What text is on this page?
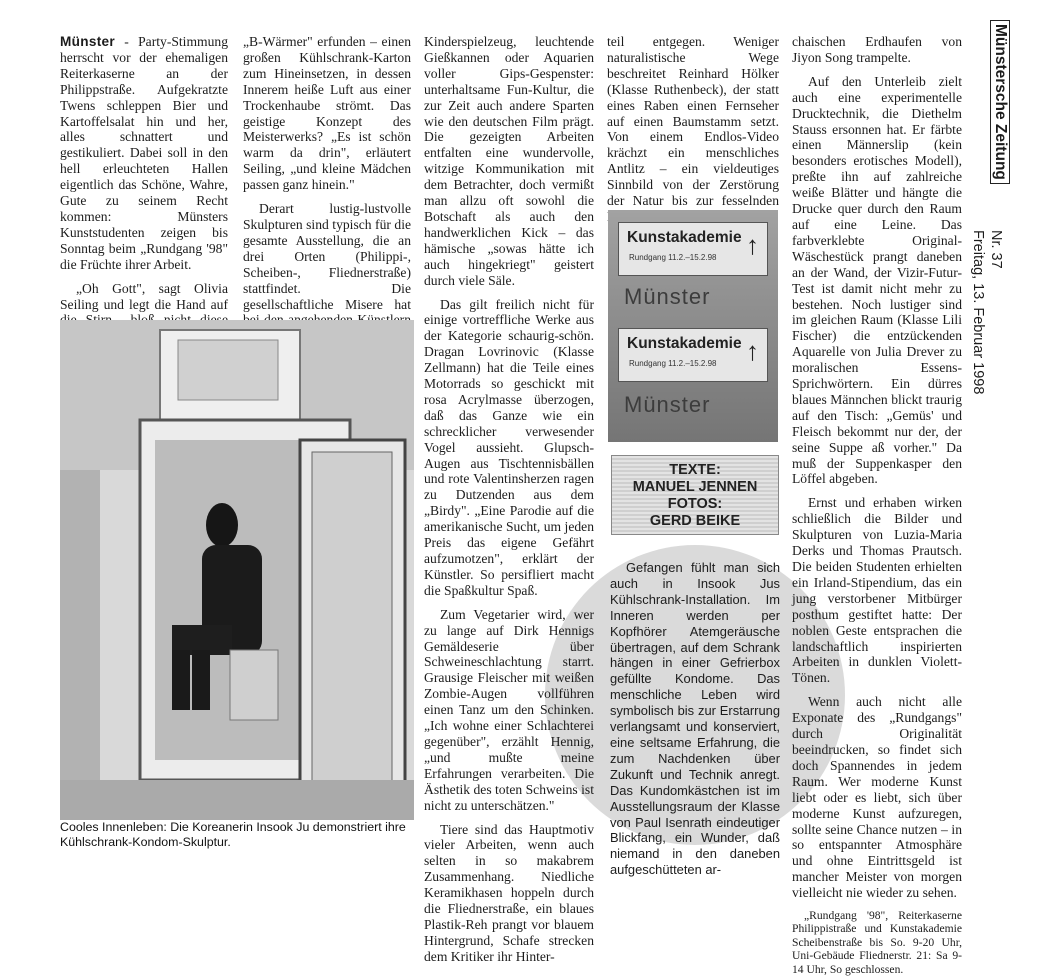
Münstersche Zeitung
Nr. 37
Freitag, 13. Februar 1998

Münster - Party-Stimmung herrscht vor der ehemaligen Reiterkaserne an der Philippstraße. Aufgekratzte Twens schleppen Bier und Kartoffelsalat hin und her, alles schnattert und gestikuliert. Dabei soll in den hell erleuchteten Hallen eigentlich das Schöne, Wahre, Gute zu seinem Recht kommen: Münsters Kunststudenten zeigen bis Sonntag beim „Rundgang '98" die Früchte ihrer Arbeit.

„Oh Gott", sagt Olivia Seiling und legt die Hand auf

„B-Wärmer" erfunden – einen großen Kühlschrank-Karton zum Hineinsetzen, in dessen Innerem heiße Luft aus einer Trockenhaube strömt. Das geistige Konzept des Meisterwerks? „Es ist schön warm da drin", erläutert Seiling, „und kleine Mädchen passen ganz hinein."

Derart lustig-lustvolle Skulpturen sind typisch für die gesamte Ausstellung, die an drei Orten (Philippi-, Scheiben-, Fliednerstraße) stattfindet. Die gesellschaftliche Misere hat

Cooles Innenleben: Die Koreanerin Insook Ju demonstriert ihre Kühlschrank-Kondom-Skulptur.

Kinderspielzeug, leuchtende Gießkannen oder Aquarien voller Gips-Gespenster: unterhaltsame Fun-Kultur, die zur Zeit auch andere Sparten wie den deutschen Film prägt. Die gezeigten Arbeiten entfalten eine wundervolle, witzige Kommunikation mit dem Betrachter, doch vermißt man allzu oft sowohl die Botschaft als auch den handwerklichen Kick – das hämische „sowas hätte ich auch hingekriegt" geistert durch viele Säle.

Das gilt freilich nicht für einige vortreffliche Werke aus der Kategorie schaurig-schön. Dragan Lovrinovic (Klasse Zellmann) hat die Teile eines Motorrads so geschickt mit rosa Acrylmasse überzogen, daß das Ganze wie ein schrecklicher verwesender Vogel aussieht. Glupsch-Augen aus Tischtennisbällen und rote Valentinsherzen ragen zu Dutzenden aus dem „Birdy". „Eine Parodie auf die amerikanische Sucht, um jeden Preis das eigene Gefährt aufzumotzen", erklärt der Künstler. So persifliert macht die Spaßkultur Spaß.

Zum Vegetarier wird, wer zu lange auf Dirk Hennigs Gemäldeserie über Schweineschlachtung starrt. Grausige Fleischer mit weißen Zombie-Augen vollführen einen Tanz um den Schinken. „Ich wohne einer Schlachterei gegenüber", erzählt Hennig, „und mußte meine Erfahrungen verarbeiten. Die Ästhetik des toten Schweins ist nicht zu unterschätzen."

Tiere sind das Hauptmotiv vieler Arbeiten, wenn auch selten in so makabrem Zusammenhang. Niedliche Keramikhasen hoppeln durch die Fliednerstraße, ein blaues Plastik-Reh prangt vor blauem Hintergrund, Schafe strecken dem Kritiker ihr Hinter-

teil entgegen. Weniger naturalistische Wege beschreitet Reinhard Hölker (Klasse Ruthenbeck), der statt eines Raben einen Fernseher auf einen Baumstamm setzt. Von einem Endlos-Video krächzt ein menschliches Antlitz – ein vieldeutiges Sinnbild von der Zerstörung der Natur bis zur fesselnden

Kunstakademie
Rundgang 11.2.–15.2.98 ↑
Münster
Kunstakademie
Rundgang 11.2.–15.2.98 ↑
Münster
TEXTE:
MANUEL JENNEN
FOTOS:
GERD BEIKE

Gefangen fühlt man sich auch in Insook Jus Kühlschrank-Installation. Im Inneren werden per Kopfhörer Atemgeräusche übertragen, auf dem Schrank hängen in einer Gefrierbox gefüllte Kondome. Das menschliche Leben wird symbolisch bis zur Erstarrung verlangsamt und konserviert, eine seltsame Erfahrung, die zum Nachdenken über Zukunft und Technik anregt. Das Kundomkästchen ist im Ausstellungsraum der Klasse von Paul Isenrath eindeutiger Blickfang, ein Wunder, daß niemand in den daneben aufgeschütteten ar-

chaischen Erdhaufen von Jiyon Song trampelte.

Auf den Unterleib zielt auch eine experimentelle Drucktechnik, die Diethelm Stauss ersonnen hat. Er färbte einen Männerslip (kein besonders erotisches Modell), preßte ihn auf zahlreiche weiße Blätter und hängte die Drucke quer durch den Raum auf eine Leine. Das farbverklebte Original-Wäschestück prangt daneben an der Wand, der Vizir-Futur-Test ist damit nicht mehr zu bestehen. Noch lustiger sind im gleichen Raum (Klasse Lili Fischer) die entzückenden Aquarelle von Julia Drever zu moralischen Essens-Sprichwörtern. Ein dürres blaues Männchen blickt traurig auf den Tisch: „Gemüs' und Fleisch bekommt nur der, der seine Suppe aß vorher." Da muß der Suppenkasper den Löffel abgeben.

Ernst und erhaben wirken schließlich die Bilder und Skulpturen von Luzia-Maria Derks und Thomas Prautsch. Die beiden Studenten erhielten ein Irland-Stipendium, das ein jung verstorbener Mitbürger posthum gestiftet hatte: Der noblen Geste entsprachen die landschaftlich inspirierten Arbeiten in dunklen Violett-Tönen.

Wenn auch nicht alle Exponate des „Rundgangs" durch Originalität beeindrucken, so findet sich doch Spannendes in jedem Raum. Wer moderne Kunst liebt oder es liebt, sich über moderne Kunst aufzuregen, sollte seine Chance nutzen – in so entspannter Atmosphäre und ohne Eintrittsgeld ist mancher Meister von morgen vielleicht nie wieder zu sehen.

„Rundgang '98", Reiterkaserne Philippistraße und Kunstakademie Scheibenstraße bis So. 9-20 Uhr, Uni-Gebäude Fliednerstr. 21: Sa 9-14 Uhr, So geschlossen.
